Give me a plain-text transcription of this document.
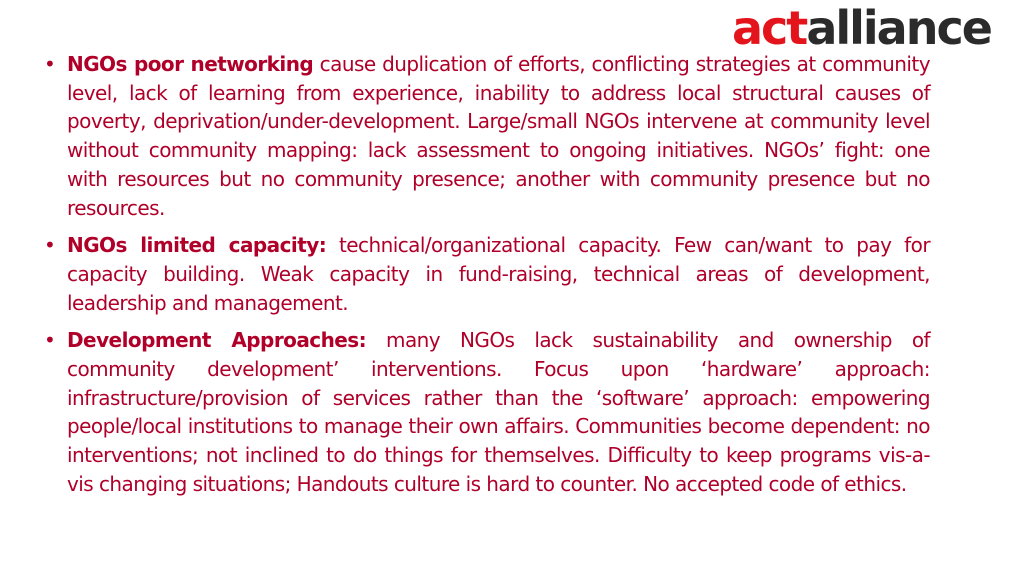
actalliance
• NGOs poor networking cause duplication of efforts, conflicting strategies at community level, lack of learning from experience, inability to address local structural causes of poverty, deprivation/under-development. Large/small NGOs intervene at community level without community mapping: lack assessment to ongoing initiatives. NGOs’ fight: one with resources but no community presence; another with community presence but no resources.
• NGOs limited capacity: technical/organizational capacity. Few can/want to pay for capacity building. Weak capacity in fund-raising, technical areas of development, leadership and management.
• Development Approaches: many NGOs lack sustainability and ownership of community development’ interventions. Focus upon ‘hardware’ approach: infrastructure/provision of services rather than the ‘software’ approach: empowering people/local institutions to manage their own affairs. Communities become dependent: no interventions; not inclined to do things for themselves. Difficulty to keep programs vis-a-vis changing situations; Handouts culture is hard to counter. No accepted code of ethics.
